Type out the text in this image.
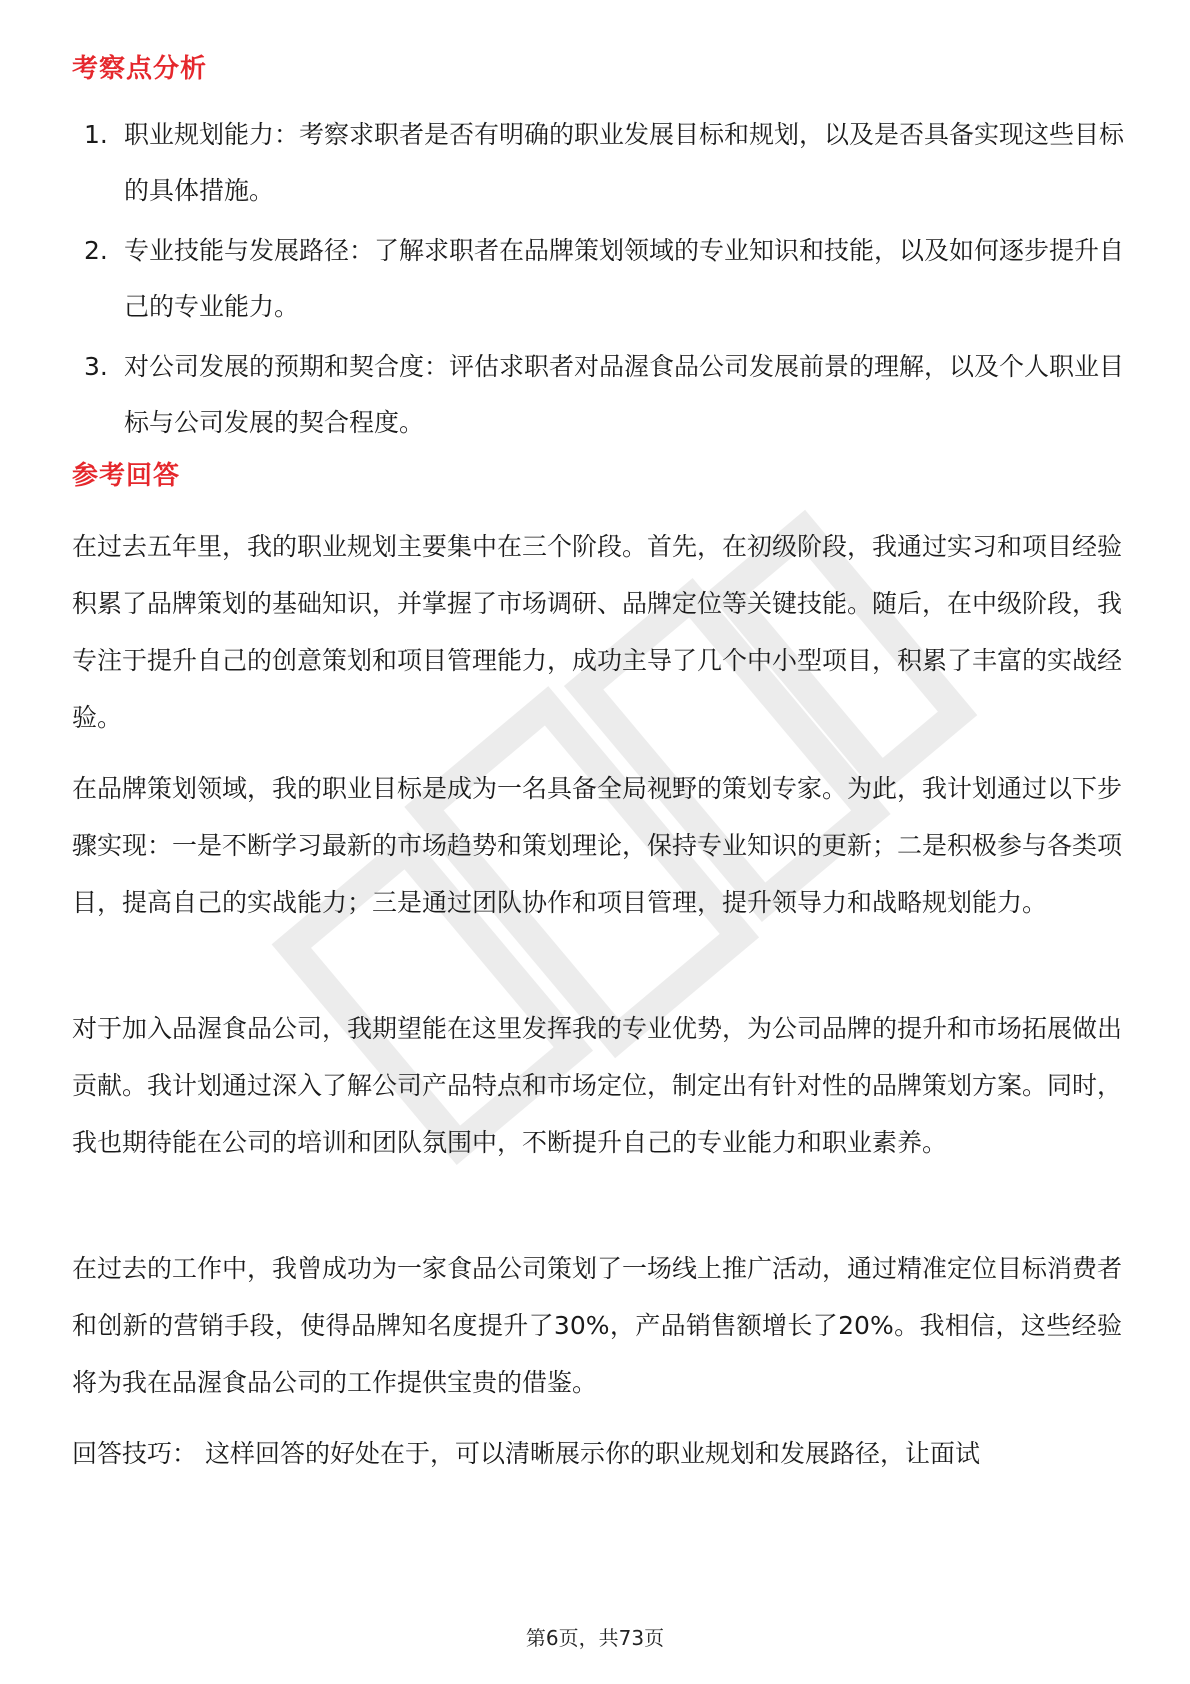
考察点分析
1. 职业规划能力：考察求职者是否有明确的职业发展目标和规划，以及是否具备实现这些目标的具体措施。
2. 专业技能与发展路径：了解求职者在品牌策划领域的专业知识和技能，以及如何逐步提升自己的专业能力。
3. 对公司发展的预期和契合度：评估求职者对品渥食品公司发展前景的理解，以及个人职业目标与公司发展的契合程度。
参考回答

在过去五年里，我的职业规划主要集中在三个阶段。首先，在初级阶段，我通过实习和项目经验积累了品牌策划的基础知识，并掌握了市场调研、品牌定位等关键技能。随后，在中级阶段，我专注于提升自己的创意策划和项目管理能力，成功主导了几个中小型项目，积累了丰富的实战经验。

在品牌策划领域，我的职业目标是成为一名具备全局视野的策划专家。为此，我计划通过以下步骤实现：一是不断学习最新的市场趋势和策划理论，保持专业知识的更新；二是积极参与各类项目，提高自己的实战能力；三是通过团队协作和项目管理，提升领导力和战略规划能力。

对于加入品渥食品公司，我期望能在这里发挥我的专业优势，为公司品牌的提升和市场拓展做出贡献。我计划通过深入了解公司产品特点和市场定位，制定出有针对性的品牌策划方案。同时，我也期待能在公司的培训和团队氛围中，不断提升自己的专业能力和职业素养。

在过去的工作中，我曾成功为一家食品公司策划了一场线上推广活动，通过精准定位目标消费者和创新的营销手段，使得品牌知名度提升了30%，产品销售额增长了20%。我相信，这些经验将为我在品渥食品公司的工作提供宝贵的借鉴。

回答技巧： 这样回答的好处在于，可以清晰展示你的职业规划和发展路径，让面试

第6页，共73页
